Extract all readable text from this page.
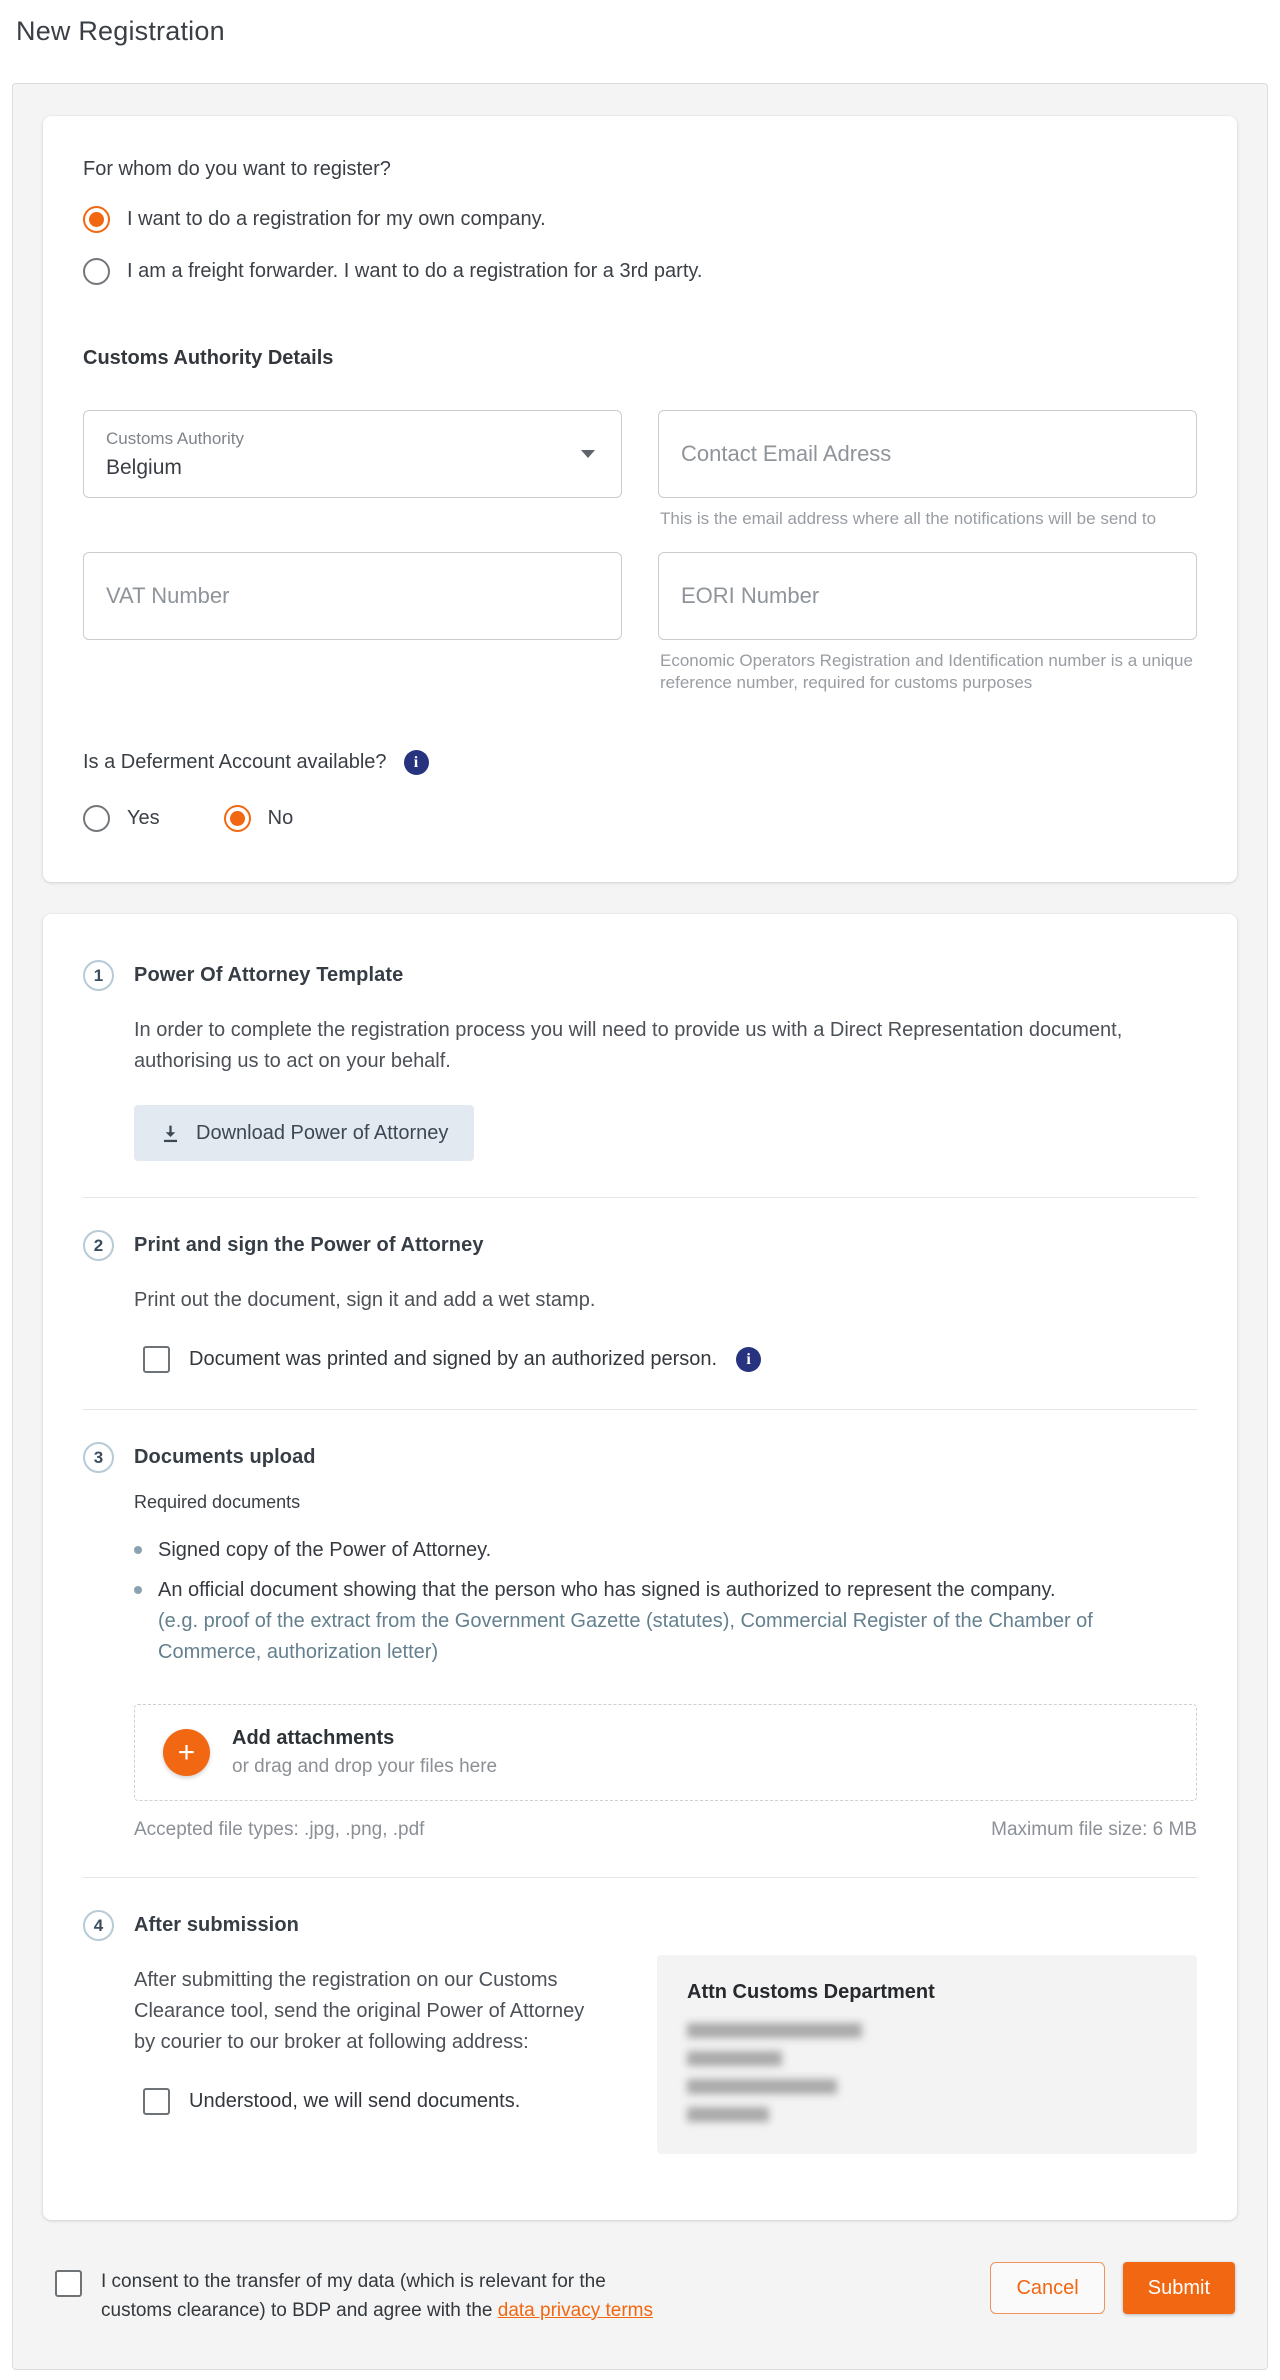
New Registration
For whom do you want to register?
I want to do a registration for my own company.
I am a freight forwarder. I want to do a registration for a 3rd party.
Customs Authority Details
Customs Authority
Belgium
Contact Email Adress
This is the email address where all the notifications will be send to
VAT Number
EORI Number
Economic Operators Registration and Identification number is a unique reference number, required for customs purposes
Is a Deferment Account available?	i
Yes	No
1	Power Of Attorney Template
In order to complete the registration process you will need to provide us with a Direct Representation document, authorising us to act on your behalf.
Download Power of Attorney
2	Print and sign the Power of Attorney
Print out the document, sign it and add a wet stamp.
Document was printed and signed by an authorized person.	i
3	Documents upload
Required documents
Signed copy of the Power of Attorney.
An official document showing that the person who has signed is authorized to represent the company.
(e.g. proof of the extract from the Government Gazette (statutes), Commercial Register of the Chamber of Commerce, authorization letter)
+	Add attachments
or drag and drop your files here
Accepted file types: .jpg, .png, .pdf	Maximum file size: 6 MB
4	After submission
After submitting the registration on our Customs Clearance tool, send the original Power of Attorney by courier to our broker at following address:
Understood, we will send documents.
Attn Customs Department
I consent to the transfer of my data (which is relevant for the customs clearance) to BDP and agree with the data privacy terms
Cancel	Submit
